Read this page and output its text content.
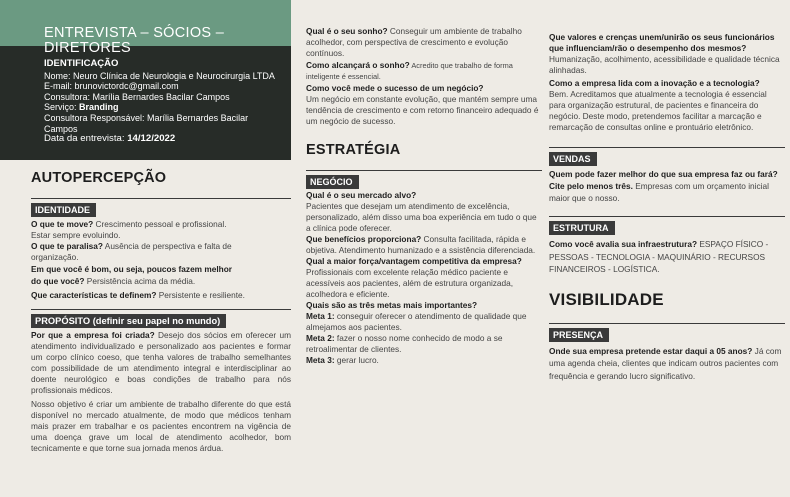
ENTREVISTA – SÓCIOS – DIRETORES
IDENTIFICAÇÃO
Nome: Neuro Clínica de Neurologia e Neurocirurgia LTDA
E-mail: brunovictordc@gmail.com
Consultora: Marília Bernardes Bacilar Campos
Serviço: Branding
Consultora Responsável: Marília Bernardes Bacilar Campos
Data da entrevista: 14/12/2022
AUTOPERCEPÇÃO
IDENTIDADE

O que te move? Crescimento pessoal e profissional.

Estar sempre evoluindo.

O que te paralisa? Ausência de perspectiva e falta de

organização.

Em que você é bom, ou seja, poucos fazem melhor

do que você? Persistência acima da média.

Que características te definem? Persistente e resiliente.

PROPÓSITO (definir seu papel no mundo)

Por que a empresa foi criada? Desejo dos sócios em oferecer um atendimento individualizado e personalizado aos pacientes e formar um corpo clínico coeso, que tenha valores de trabalho semelhantes com possibilidade de um atendimento integral e interdisciplinar ao doente neurológico e boas condições de trabalho para nós profissionais médicos.

Nosso objetivo é criar um ambiente de trabalho diferente do que está disponível no mercado atualmente, de modo que médicos tenham mais prazer em trabalhar e os pacientes encontrem na vigência de uma doença grave um local de atendimento acolhedor, bom tecnicamente e que torne sua jornada menos árdua.

Qual é o seu sonho? Conseguir um ambiente de trabalho acolhedor, com perspectiva de crescimento e evolução contínuos.

Como alcançará o sonho? Acredito que trabalho de forma inteligente é essencial.

Como você mede o sucesso de um negócio?

Um negócio em constante evolução, que mantém sempre uma tendência de crescimento e com retorno financeiro adequado é um negócio de sucesso.

ESTRATÉGIA
NEGÓCIO

Qual é o seu mercado alvo?

Pacientes que desejam um atendimento de excelência, personalizado, além disso uma boa experiência em tudo o que a clínica pode oferecer.

Que benefícios proporciona? Consulta facilitada, rápida e objetiva. Atendimento humanizado e a ssistência diferenciada.

Qual a maior força/vantagem competitiva da empresa?

Profissionais com excelente relação médico paciente e acessíveis aos pacientes, além de estrutura organizada, acolhedora e eficiente.

Quais são as três metas mais importantes?

Meta 1: conseguir oferecer o atendimento de qualidade que almejamos aos pacientes.

Meta 2: fazer o nosso nome conhecido de modo a se retroalimentar de clientes.

Meta 3: gerar lucro.

Que valores e crenças unem/unirão os seus funcionários que influenciam/rão o desempenho dos mesmos?

Humanização, acolhimento, acessibilidade e qualidade técnica alinhadas.

Como a empresa lida com a inovação e a tecnologia?

Bem. Acreditamos que atualmente a tecnologia é essencial para organização estrutural, de pacientes e financeira do negócio. Deste modo, pretendemos facilitar a marcação e remarcação de consultas online e prontuário eletrônico.

VENDAS

Quem pode fazer melhor do que sua empresa faz ou fará? Cite pelo menos três. Empresas com um orçamento inicial maior que o nosso.

ESTRUTURA

Como você avalia sua infraestrutura? ESPAÇO FÍSICO - PESSOAS - TECNOLOGIA - MAQUINÁRIO - RECURSOS FINANCEIROS - LOGÍSTICA.

VISIBILIDADE
PRESENÇA

Onde sua empresa pretende estar daqui a 05 anos? Já com uma agenda cheia, clientes que indicam outros pacientes com frequência e gerando lucro significativo.
